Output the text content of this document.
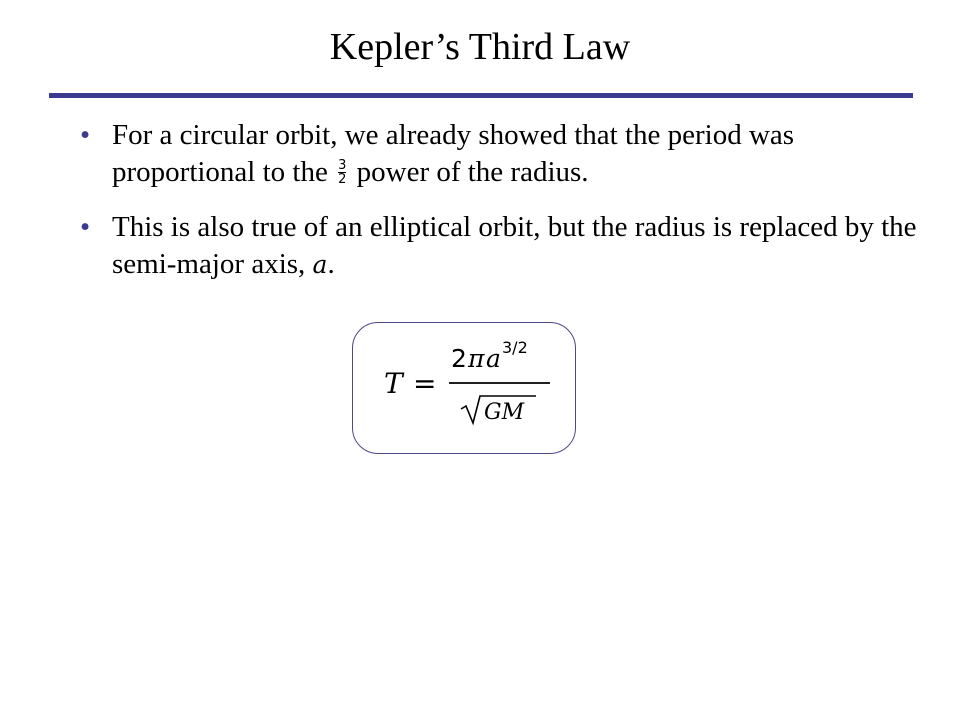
Kepler’s Third Law
• For a circular orbit, we already showed that the period was proportional to the $\frac{3}{2}$ power of the radius.
• This is also true of an elliptical orbit, but the radius is replaced by the semi-major axis, a.
T =
2 π a 3/2
GM
